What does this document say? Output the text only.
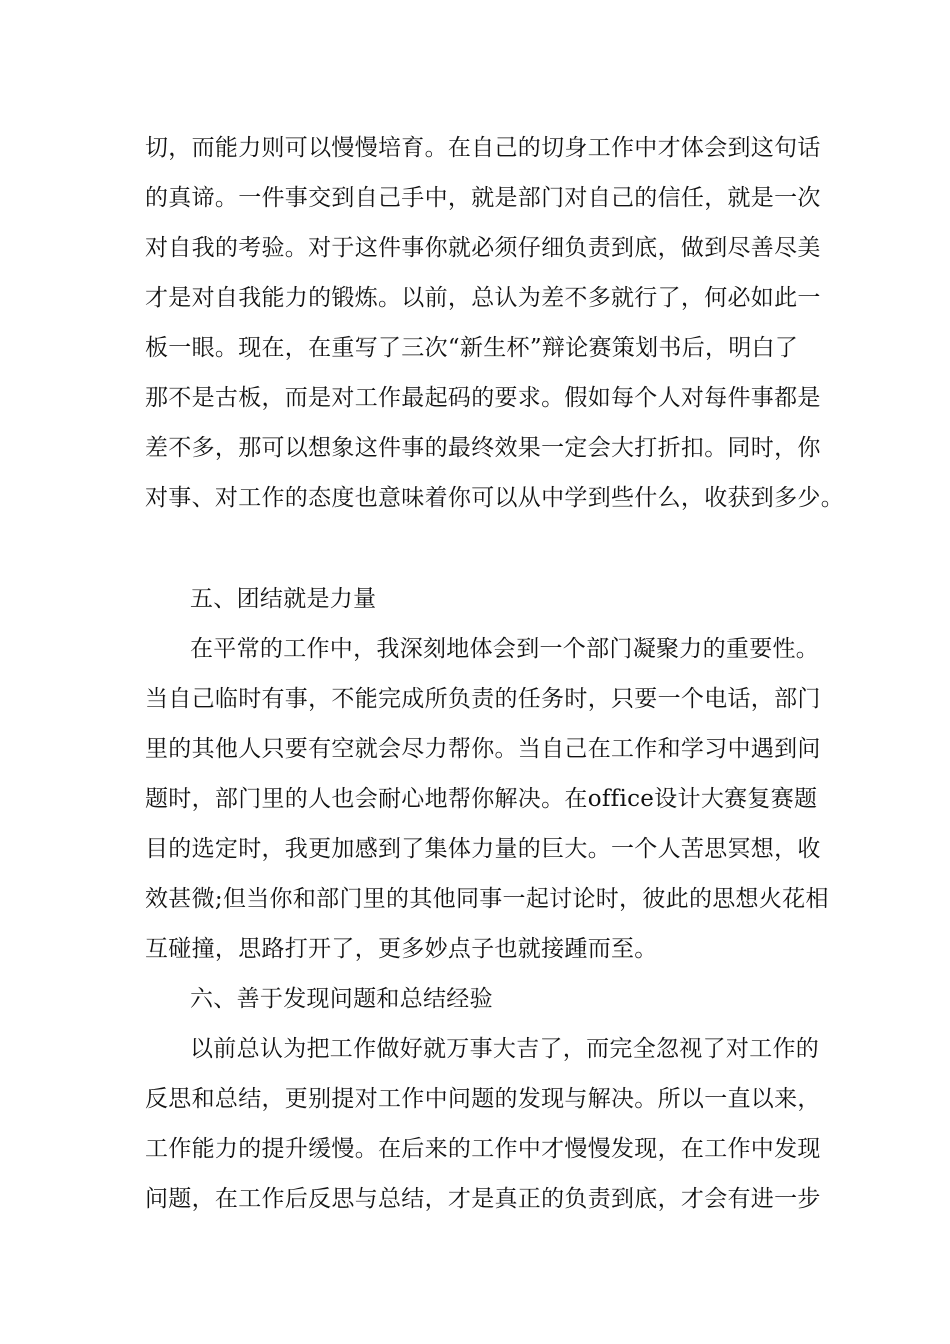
切，而能力则可以慢慢培育。在自己的切身工作中才体会到这句话
的真谛。一件事交到自己手中，就是部门对自己的信任，就是一次
对自我的考验。对于这件事你就必须仔细负责到底，做到尽善尽美
才是对自我能力的锻炼。以前，总认为差不多就行了，何必如此一
板一眼。现在，在重写了三次“新生杯”辩论赛策划书后，明白了
那不是古板，而是对工作最起码的要求。假如每个人对每件事都是
差不多，那可以想象这件事的最终效果一定会大打折扣。同时，你
对事、对工作的态度也意味着你可以从中学到些什么，收获到多少。
五、团结就是力量
在平常的工作中，我深刻地体会到一个部门凝聚力的重要性。
当自己临时有事，不能完成所负责的任务时，只要一个电话，部门
里的其他人只要有空就会尽力帮你。当自己在工作和学习中遇到问
题时，部门里的人也会耐心地帮你解决。在office设计大赛复赛题
目的选定时，我更加感到了集体力量的巨大。一个人苦思冥想，收
效甚微;但当你和部门里的其他同事一起讨论时，彼此的思想火花相
互碰撞，思路打开了，更多妙点子也就接踵而至。
六、善于发现问题和总结经验
以前总认为把工作做好就万事大吉了，而完全忽视了对工作的
反思和总结，更别提对工作中问题的发现与解决。所以一直以来，
工作能力的提升缓慢。在后来的工作中才慢慢发现，在工作中发现
问题，在工作后反思与总结，才是真正的负责到底，才会有进一步
